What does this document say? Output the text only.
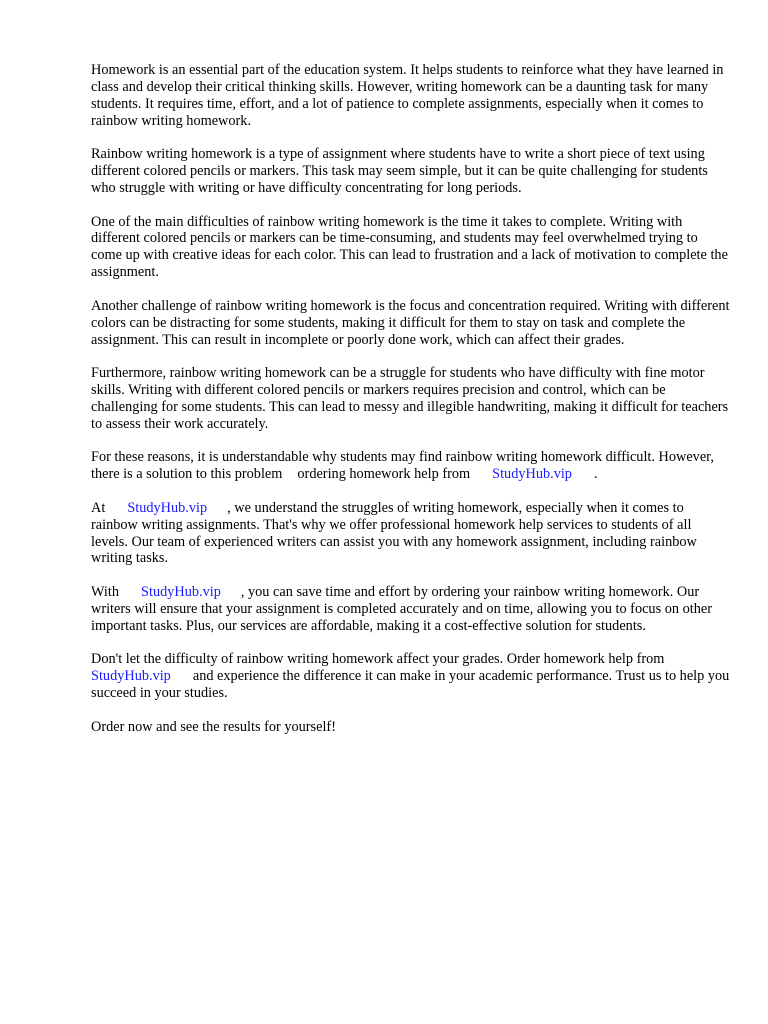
Homework is an essential part of the education system. It helps students to reinforce what they have learned in class and develop their critical thinking skills. However, writing homework can be a daunting task for many students. It requires time, effort, and a lot of patience to complete assignments, especially when it comes to rainbow writing homework.

Rainbow writing homework is a type of assignment where students have to write a short piece of text using different colored pencils or markers. This task may seem simple, but it can be quite challenging for students who struggle with writing or have difficulty concentrating for long periods.

One of the main difficulties of rainbow writing homework is the time it takes to complete. Writing with different colored pencils or markers can be time-consuming, and students may feel overwhelmed trying to come up with creative ideas for each color. This can lead to frustration and a lack of motivation to complete the assignment.

Another challenge of rainbow writing homework is the focus and concentration required. Writing with different colors can be distracting for some students, making it difficult for them to stay on task and complete the assignment. This can result in incomplete or poorly done work, which can affect their grades.

Furthermore, rainbow writing homework can be a struggle for students who have difficulty with fine motor skills. Writing with different colored pencils or markers requires precision and control, which can be challenging for some students. This can lead to messy and illegible handwriting, making it difficult for teachers to assess their work accurately.

For these reasons, it is understandable why students may find rainbow writing homework difficult. However, there is a solution to this problem ordering homework help from StudyHub.vip .

At StudyHub.vip , we understand the struggles of writing homework, especially when it comes to rainbow writing assignments. That's why we offer professional homework help services to students of all levels. Our team of experienced writers can assist you with any homework assignment, including rainbow writing tasks.

With StudyHub.vip , you can save time and effort by ordering your rainbow writing homework. Our writers will ensure that your assignment is completed accurately and on time, allowing you to focus on other important tasks. Plus, our services are affordable, making it a cost-effective solution for students.

Don't let the difficulty of rainbow writing homework affect your grades. Order homework help fromStudyHub.vip and experience the difference it can make in your academic performance. Trust us to help you succeed in your studies.

Order now and see the results for yourself!
